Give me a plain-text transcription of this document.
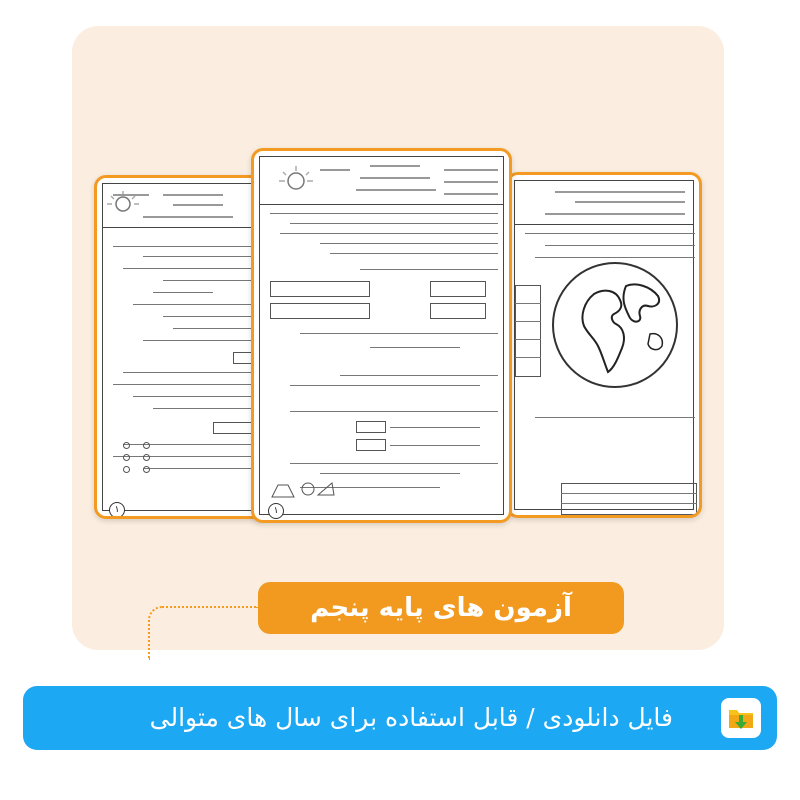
۱	۱
آزمون های پایه پنجم
فایل دانلودی / قابل استفاده برای سال های متوالی
